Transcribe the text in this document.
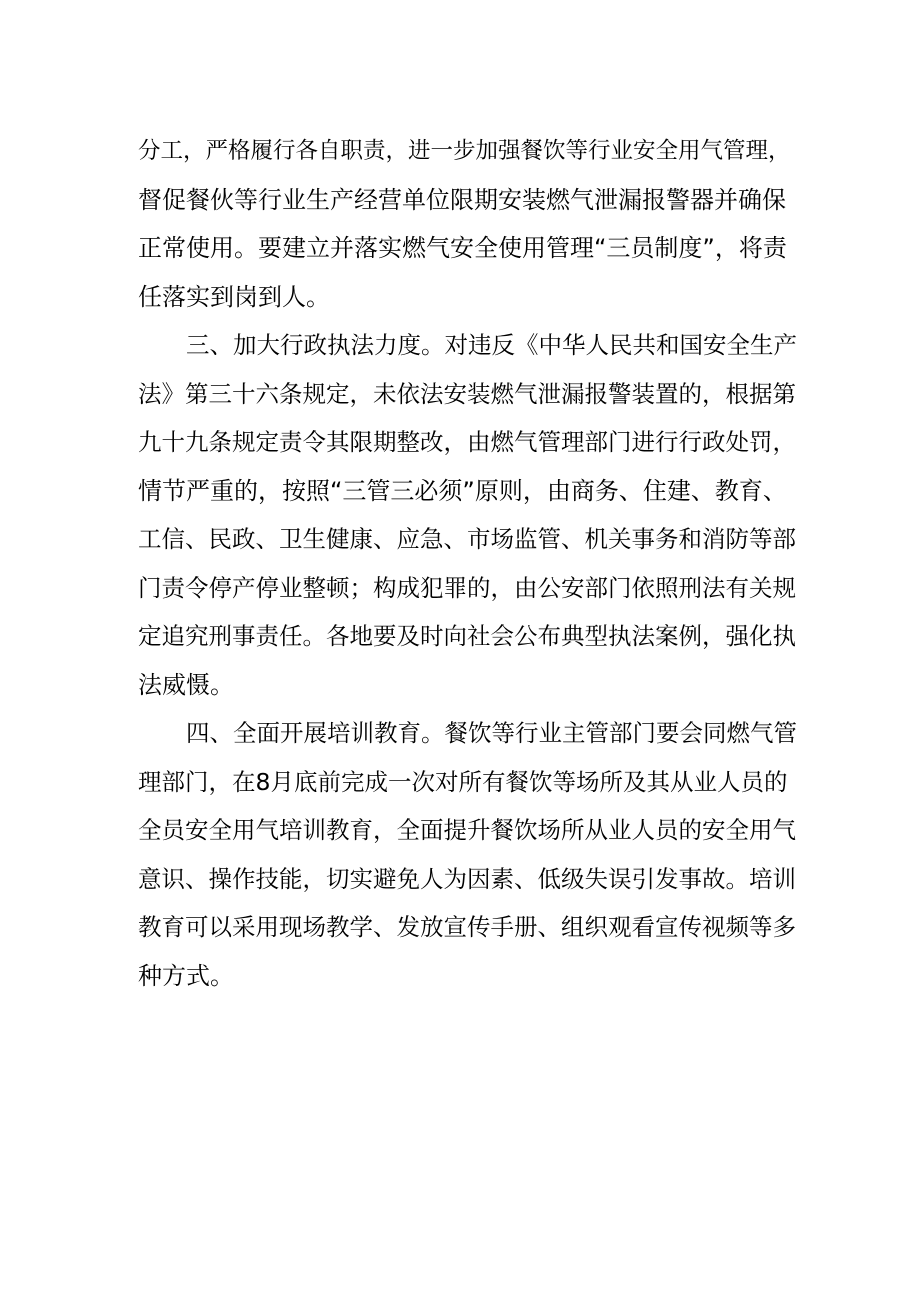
分工，严格履行各自职责，进一步加强餐饮等行业安全用气管理，
督促餐伙等行业生产经营单位限期安装燃气泄漏报警器并确保
正常使用。要建立并落实燃气安全使用管理“三员制度”，将责
任落实到岗到人。
三、加大行政执法力度。对违反《中华人民共和国安全生产
法》第三十六条规定，未依法安装燃气泄漏报警装置的，根据第
九十九条规定责令其限期整改，由燃气管理部门进行行政处罚，
情节严重的，按照“三管三必须”原则，由商务、住建、教育、
工信、民政、卫生健康、应急、市场监管、机关事务和消防等部
门责令停产停业整顿；构成犯罪的，由公安部门依照刑法有关规
定追究刑事责任。各地要及时向社会公布典型执法案例，强化执
法威慑。
四、全面开展培训教育。餐饮等行业主管部门要会同燃气管
理部门，在8月底前完成一次对所有餐饮等场所及其从业人员的
全员安全用气培训教育，全面提升餐饮场所从业人员的安全用气
意识、操作技能，切实避免人为因素、低级失误引发事故。培训
教育可以采用现场教学、发放宣传手册、组织观看宣传视频等多
种方式。
